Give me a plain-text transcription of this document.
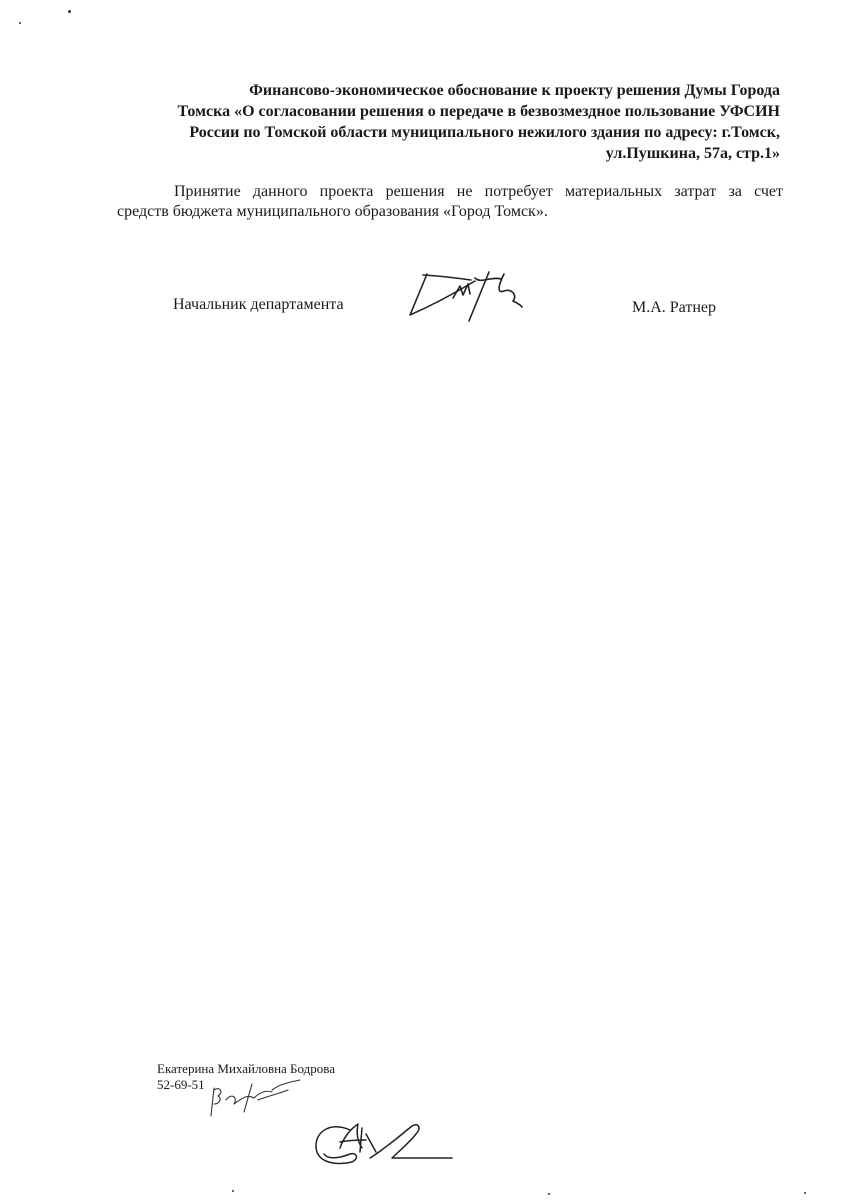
Финансово-экономическое обоснование к проекту решения Думы Города
Томска «О согласовании решения о передаче в безвозмездное пользование УФСИН
России по Томской области муниципального нежилого здания по адресу: г.Томск,
ул.Пушкина, 57а, стр.1»
Принятие данного проекта решения не потребует материальных затрат за счет
средств бюджета муниципального образования «Город Томск».
Начальник департамента	М.А. Ратнер
Екатерина Михайловна Бодрова
52-69-51
